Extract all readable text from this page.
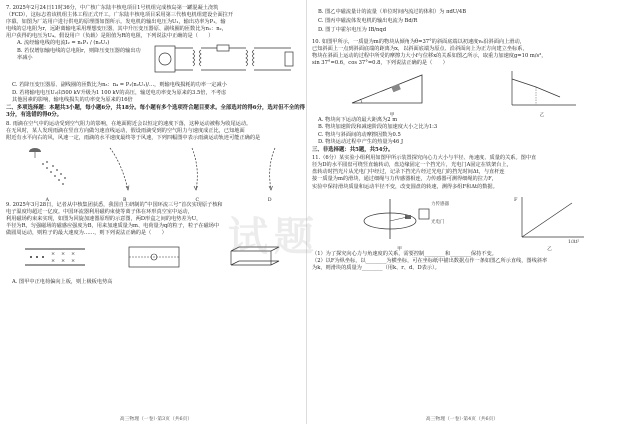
7. 2025年2月24日11时36分，中广核广东陆丰核电项目1号机组完成核岛第一罐混凝土浇筑

（FCD），这标志着该机组主体工程正式开工。广东陆丰核电项目采用第三代核电机组建设全面拉开

序幕。如图为厂站用户进行供电的原理图如图所示。发电机的输出电压为U₁，输出功率为P₁，输

电线的总电阻为r，远距离输电采用理想变压器，其中升压变压器原、副线圈的匝数比为n₁：n₂，

用户获得的电压为U₄。假设用户（负载）是阻值为R的电阻，下列说法中正确的是（　　）

A. 流经输电线的电流I₂ = n₁P₁ / (n₂U₁)

B. 若仅增加输电线的总电阻r，则降压变压器的输出功率减小

C. 若降压变压器原、副线圈的匝数比为n₃：n₄ = P₁(n₂U₁)/…，则输电线损耗的功率一定减小

D. 若将输电电压U₂由500 kV升级为1 100 kV的高压，输送电功率变为原来的3.5倍，不考虑

其他因素的影响，输电线损失的功率变为原来的16倍

二、多项选择题：本题共3小题，每小题6分，共18分。每小题有多个选项符合题目要求。全部选对的得6分，选对但不全的得3分，有选错的得0分。

8. 雨滴在空气中的运动受到空气阻力的影响，在地面附近会以恒定的速度下落，这种运动被称为收尾运动。

在无风时，某人发现雨滴在竖直方向做匀速直线运动，假设雨滴受到的空气阻力与速度成正比，已知地面

附近有水平向右的风，风速一定，雨滴的水平速度最终等于风速，下列四幅图中表示雨滴运动轨迹可能正确的是

A	B	C	D

9. 2025年3月28日，记者从中核集团获悉，我国自主研制的“中国环流三号”首次实现原子核和

电子温度均超过一亿度。中国环流器利用磁约束使等离子体在环形真空室中运动，

利用磁场约束来实现，如图为回旋加速器原理的示意图，两D形盒之间的电势差为U，

半径为R，匀强磁场的磁感应强度为B，用来加速质量为m、电荷量为q的粒子，粒子在磁场中

做圆周运动，则粒子的最大速度为……，则下列说法正确的是（　　）

× × ×
× × ×

A. 图甲中正电荷偏向上板，则上极板电势高

高三物理（一卷）·第3页（共6页）

B. 图乙中磁流量计的流量（单位时间内流过的体积）为 πdU/4B

C. 图丙中磁流体发电机的输出电流为 Bd/R

D. 图丁中霍尔电压为 IB/nqd

10. 如图甲所示，一质量为m的物块从倾角为θ=37°的斜面底端以初速度v₀沿斜面向上滑动，

已知斜面上一点到斜面底端的距离为x，以斜面底端为原点、沿斜面向上为正方向建立坐标系，

物块在斜面上运动的过程中所受的摩擦力大小f与位移x的关系如图乙所示，取重力加速度g=10 m/s²，

sin 37°=0.6，cos 37°=0.8，下列说法正确的是（　　）

甲	乙

A. 物块向下运动的最大距离为2 m

B. 物块加速阶段和减速阶段的加速度大小之比为1:3

C. 物块与斜面间的动摩擦因数为0.5

D. 物块运动过程中产生的热量为46 J

三、非选择题：共5题，共54分。

11.（6分）某实验小组利用如图甲所示装置探究向心力大小与半径、角速度、质量的关系。图中直

径为D的水平圆盘可绕竖直轴转动，盘边缘固定一个挡光片，光电门A固定在铁架台上，

盘转动时挡光片从光电门中经过，记录下挡光片经过光电门的挡光时间Δt，与直杆连

接一质量为m的滑块，通过细绳与力传感器相连，力传感器可测得细绳的拉力F，

实验中保持滑块质量和运动半径不变，改变圆盘的转速，测得多组F和Δt的数据。

力传感器
光电门
甲
F
1/Δt²
乙

（1）为了探究向心力与角速度的关系，需要控制________和________保持不变。

（2）以F为纵坐标，以________为横坐标，可在坐标纸中描出数据点作一条如图乙所示直线，图线斜率

为k，则滑块的质量为________（用k、r、d、D表示）。

高三物理（一卷）·第4页（共6页）
试题
